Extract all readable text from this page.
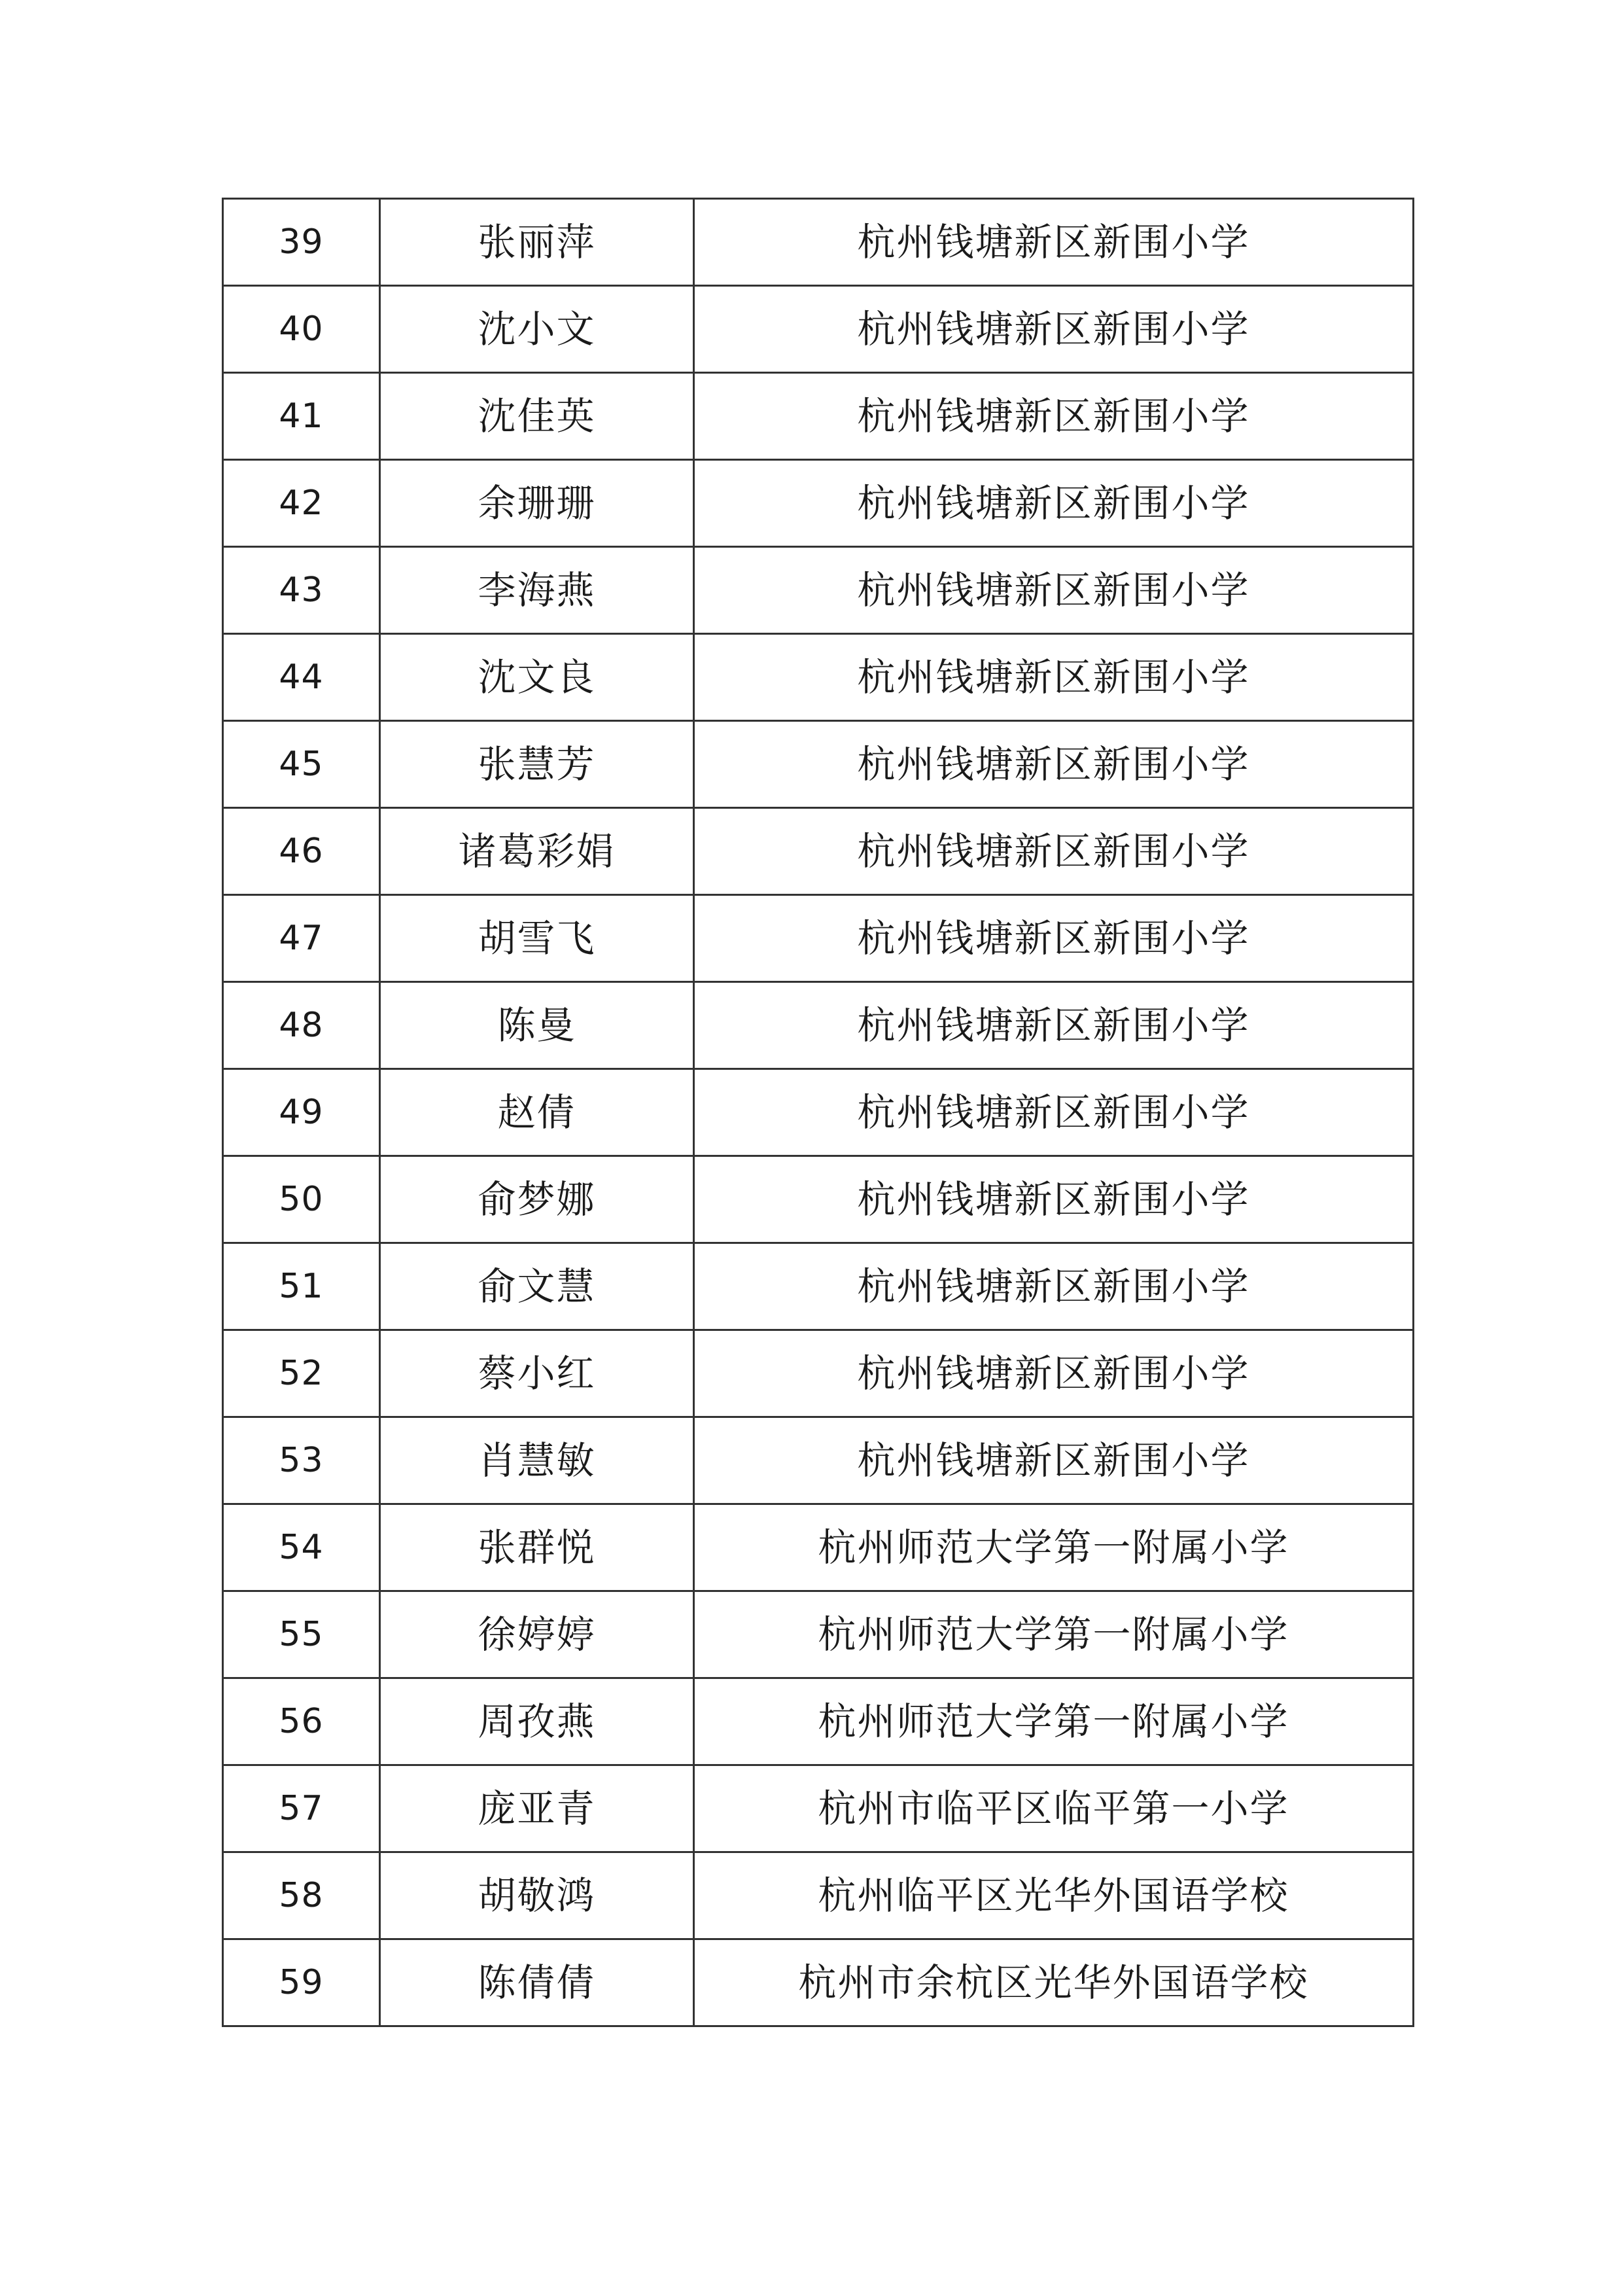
39	张丽萍	杭州钱塘新区新围小学
40	沈小文	杭州钱塘新区新围小学
41	沈佳英	杭州钱塘新区新围小学
42	余珊珊	杭州钱塘新区新围小学
43	李海燕	杭州钱塘新区新围小学
44	沈文良	杭州钱塘新区新围小学
45	张慧芳	杭州钱塘新区新围小学
46	诸葛彩娟	杭州钱塘新区新围小学
47	胡雪飞	杭州钱塘新区新围小学
48	陈曼	杭州钱塘新区新围小学
49	赵倩	杭州钱塘新区新围小学
50	俞梦娜	杭州钱塘新区新围小学
51	俞文慧	杭州钱塘新区新围小学
52	蔡小红	杭州钱塘新区新围小学
53	肖慧敏	杭州钱塘新区新围小学
54	张群悦	杭州师范大学第一附属小学
55	徐婷婷	杭州师范大学第一附属小学
56	周孜燕	杭州师范大学第一附属小学
57	庞亚青	杭州市临平区临平第一小学
58	胡敬鸿	杭州临平区光华外国语学校
59	陈倩倩	杭州市余杭区光华外国语学校
